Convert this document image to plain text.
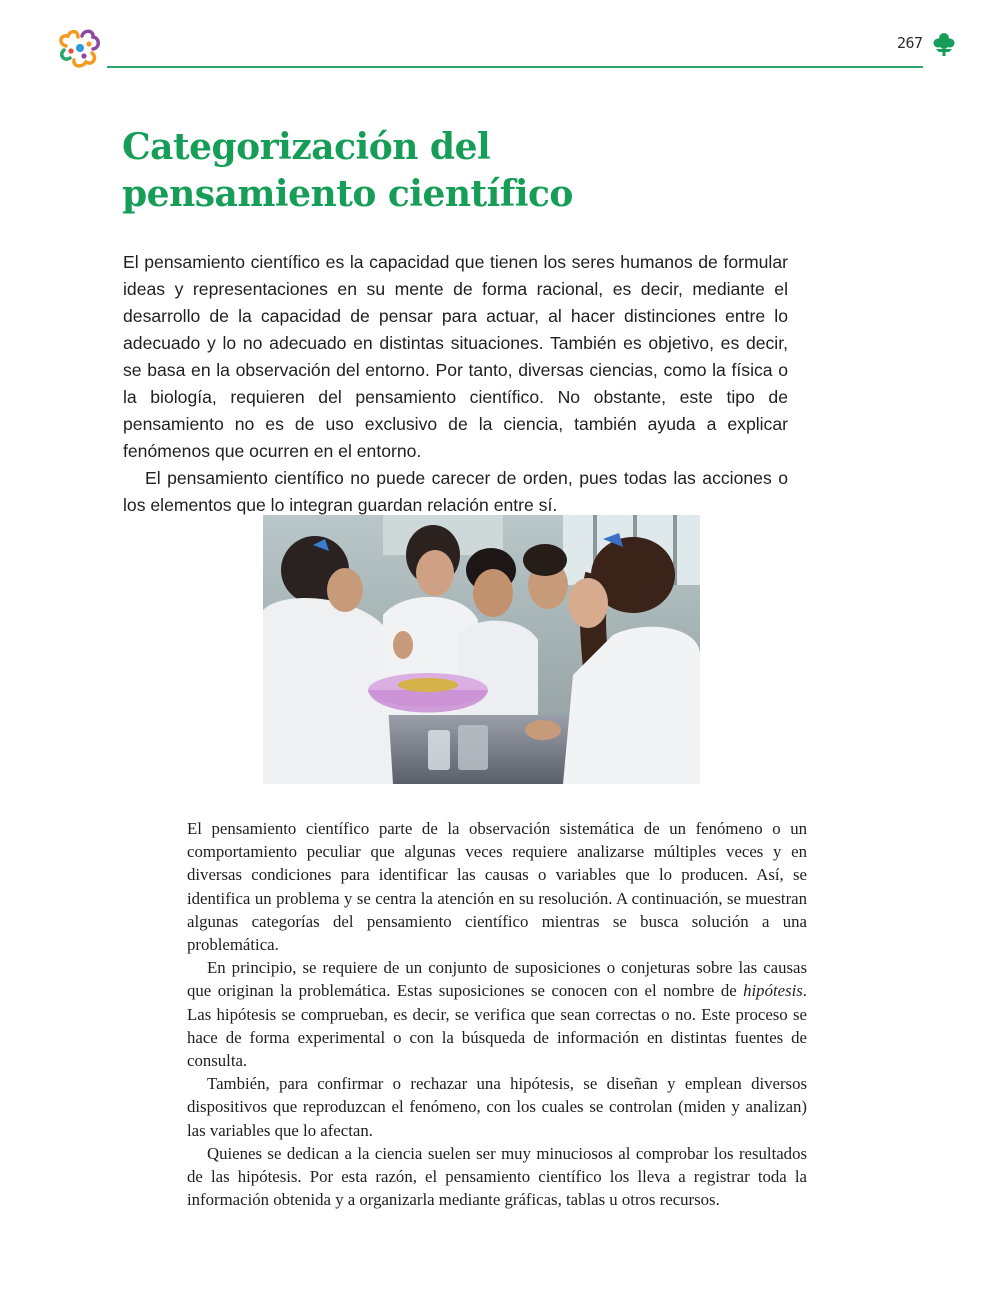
267
Categorización del
pensamiento científico

El pensamiento científico es la capacidad que tienen los seres humanos de formular ideas y representaciones en su mente de forma racional, es decir, mediante el desarrollo de la capacidad de pensar para actuar, al hacer distinciones entre lo adecuado y lo no adecuado en distintas situaciones. También es objetivo, es decir, se basa en la observación del entorno. Por tanto, diversas ciencias, como la física o la biología, requieren del pensamiento científico. No obstante, este tipo de pensamiento no es de uso exclusivo de la ciencia, también ayuda a explicar fenómenos que ocurren en el entorno.

El pensamiento científico no puede carecer de orden, pues todas las acciones o los elementos que lo integran guardan relación entre sí.

El pensamiento científico parte de la observación sistemática de un fenómeno o un comportamiento peculiar que algunas veces requiere analizarse múltiples veces y en diversas condiciones para identificar las causas o variables que lo producen. Así, se identifica un problema y se centra la atención en su resolución. A continuación, se muestran algunas categorías del pensamiento científico mientras se busca solución a una problemática.

En principio, se requiere de un conjunto de suposiciones o conjeturas sobre las causas que originan la problemática. Estas suposiciones se conocen con el nombre de hipótesis. Las hipótesis se comprueban, es decir, se verifica que sean correctas o no. Este proceso se hace de forma experimental o con la búsqueda de información en distintas fuentes de consulta.

También, para confirmar o rechazar una hipótesis, se diseñan y emplean diversos dispositivos que reproduzcan el fenómeno, con los cuales se controlan (miden y analizan) las variables que lo afectan.

Quienes se dedican a la ciencia suelen ser muy minuciosos al comprobar los resultados de las hipótesis. Por esta razón, el pensamiento científico los lleva a registrar toda la información obtenida y a organizarla mediante gráficas, tablas u otros recursos.
